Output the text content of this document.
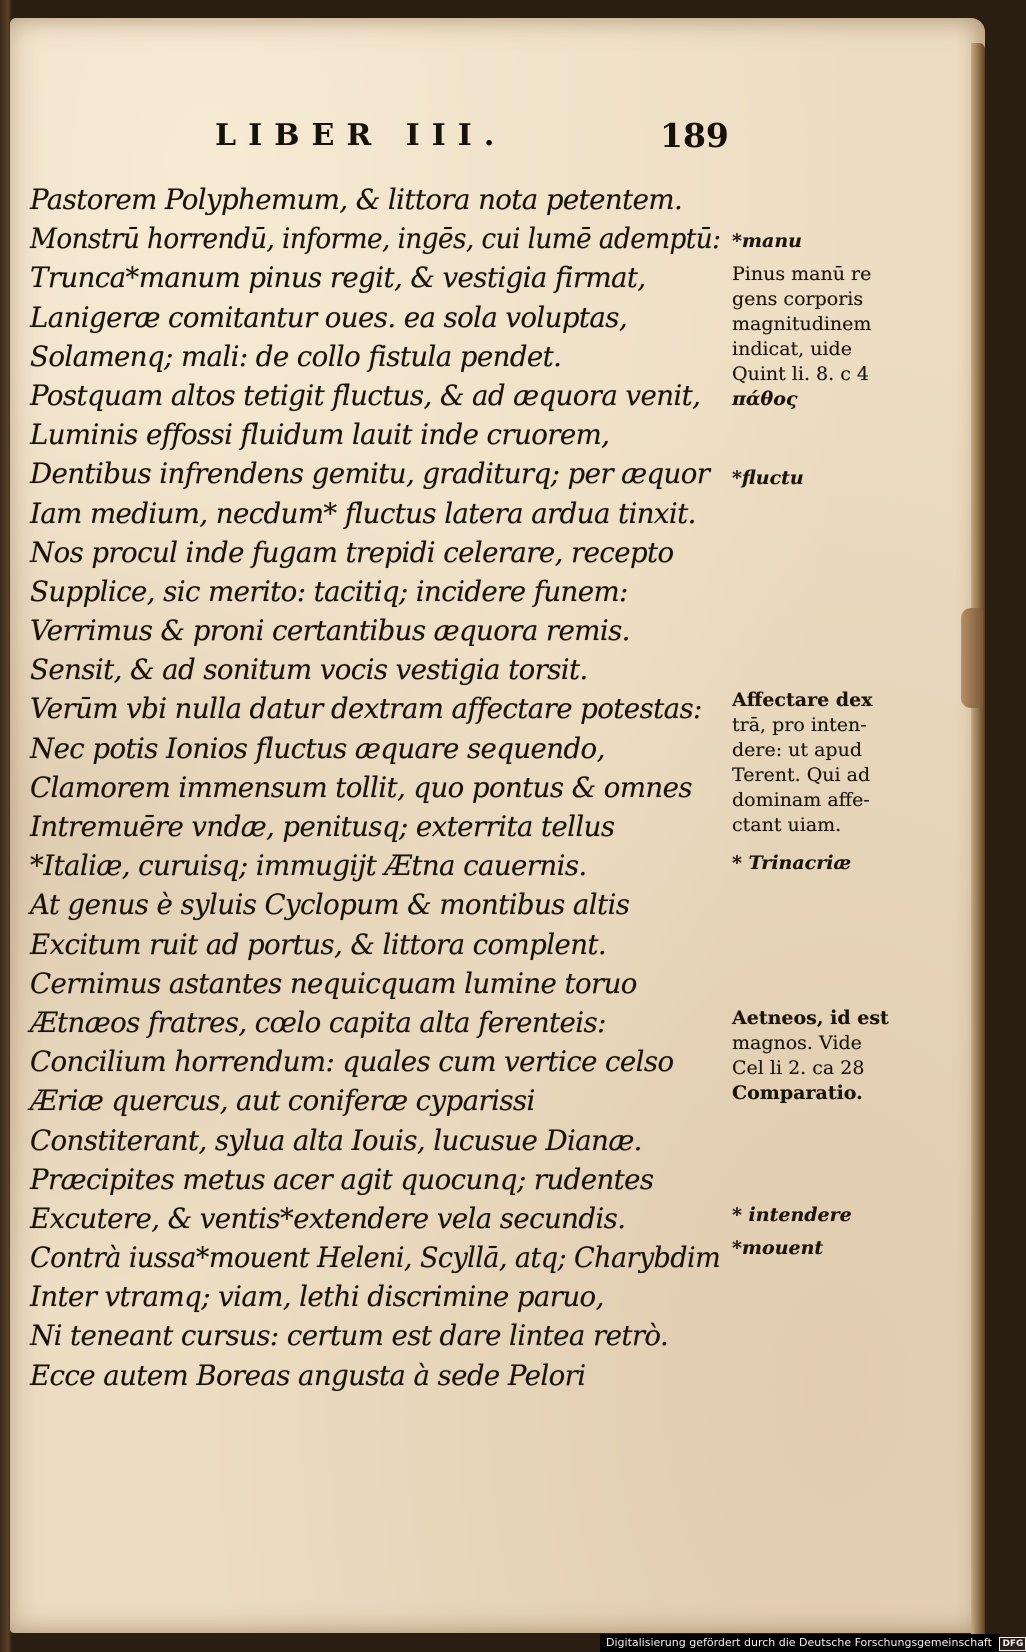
LIBER III.	189
Pastorem Polyphemum, & littora nota petentem.
Monstrū horrendū, informe, ingēs, cui lumē ademptū:
Trunca*manum pinus regit, & vestigia firmat,
Lanigeræ comitantur oues. ea sola voluptas,
Solamenq; mali: de collo fistula pendet.
Postquam altos tetigit fluctus, & ad æquora venit,
Luminis effossi fluidum lauit inde cruorem,
Dentibus infrendens gemitu, graditurq; per æquor
Iam medium, necdum* fluctus latera ardua tinxit.
Nos procul inde fugam trepidi celerare, recepto
Supplice, sic merito: tacitiq; incidere funem:
Verrimus & proni certantibus æquora remis.
Sensit, & ad sonitum vocis vestigia torsit.
Verūm vbi nulla datur dextram affectare potestas:
Nec potis Ionios fluctus æquare sequendo,
Clamorem immensum tollit, quo pontus & omnes
Intremuēre vndæ, penitusq; exterrita tellus
*Italiæ, curuisq; immugijt Ætna cauernis.
At genus è syluis Cyclopum & montibus altis
Excitum ruit ad portus, & littora complent.
Cernimus astantes nequicquam lumine toruo
Ætnæos fratres, cœlo capita alta ferenteis:
Concilium horrendum: quales cum vertice celso
Æriæ quercus, aut coniferæ cyparissi
Constiterant, sylua alta Iouis, lucusue Dianæ.
Præcipites metus acer agit quocunq; rudentes
Excutere, & ventis*extendere vela secundis.
Contrà iussa*mouent Heleni, Scyllā, atq; Charybdim
Inter vtramq; viam, lethi discrimine paruo,
Ni teneant cursus: certum est dare lintea retrò.
Ecce autem Boreas angusta à sede Pelori
*manu
Pinus manū re
gens corporis
magnitudinem
indicat, uide
Quint li. 8. c 4
πάθος
*fluctu
Affectare dex
trā, pro inten-
dere: ut apud
Terent. Qui ad
dominam affe-
ctant uiam.
* Trinacriæ
Aetneos, id est
magnos. Vide
Cel li 2. ca 28
Comparatio.
* intendere
*mouent
Digitalisierung gefördert durch die Deutsche Forschungsgemeinschaft DFG
